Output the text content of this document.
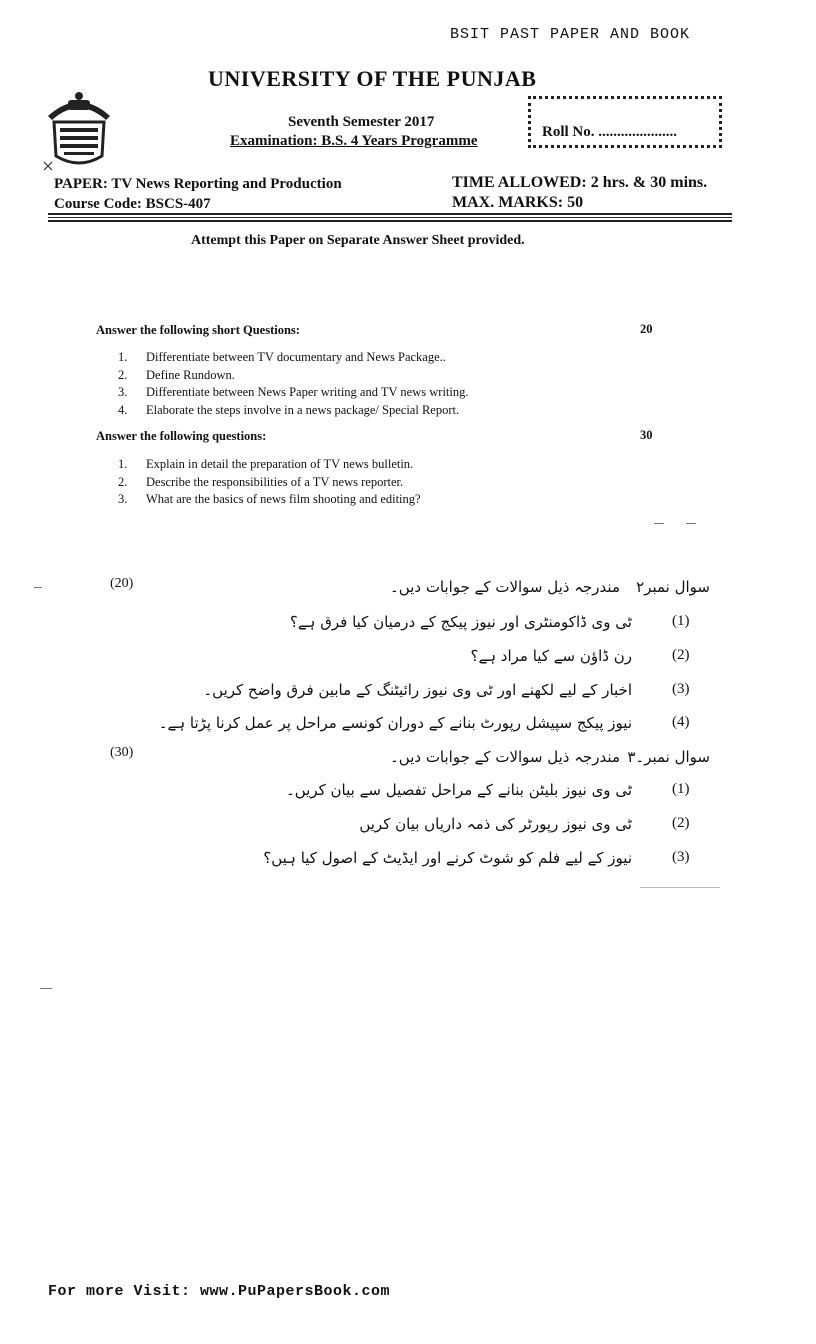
BSIT PAST PAPER AND BOOK
UNIVERSITY OF THE PUNJAB
Seventh Semester 2017
Examination: B.S. 4 Years Programme
Roll No. .....................
PAPER: TV News Reporting and Production
Course Code: BSCS-407
TIME ALLOWED: 2 hrs. & 30 mins.
MAX. MARKS: 50
Attempt this Paper on Separate Answer Sheet provided.
Answer the following short Questions:	20
1.	Differentiate between TV documentary and News Package..
2.	Define Rundown.
3.	Differentiate between News Paper writing and TV news writing.
4.	Elaborate the steps involve in a news package/ Special Report.
Answer the following questions:	30
1.	Explain in detail the preparation of TV news bulletin.
2.	Describe the responsibilities of a TV news reporter.
3.	What are the basics of news film shooting and editing?
(20)	سوال نمبر۲
مندرجہ ذیل سوالات کے جوابات دیں۔
(1)
ٹی وی ڈاکومنٹری اور نیوز پیکج کے درمیان کیا فرق ہے؟
(2)
رن ڈاؤن سے کیا مراد ہے؟
(3)
اخبار کے لیے لکھنے اور ٹی وی نیوز رائیٹنگ کے مابین فرق واضح کریں۔
(4)
نیوز پیکج سپیشل رپورٹ بنانے کے دوران کونسے مراحل پر عمل کرنا پڑتا ہے۔
(30)	سوال نمبر۔۳
مندرجہ ذیل سوالات کے جوابات دیں۔
(1)
ٹی وی نیوز بلیٹن بنانے کے مراحل تفصیل سے بیان کریں۔
(2)
ٹی وی نیوز رپورٹر کی ذمہ داریاں بیان کریں
(3)
نیوز کے لیے فلم کو شوٹ کرنے اور ایڈیٹ کے اصول کیا ہیں؟
For more Visit: www.PuPapersBook.com
